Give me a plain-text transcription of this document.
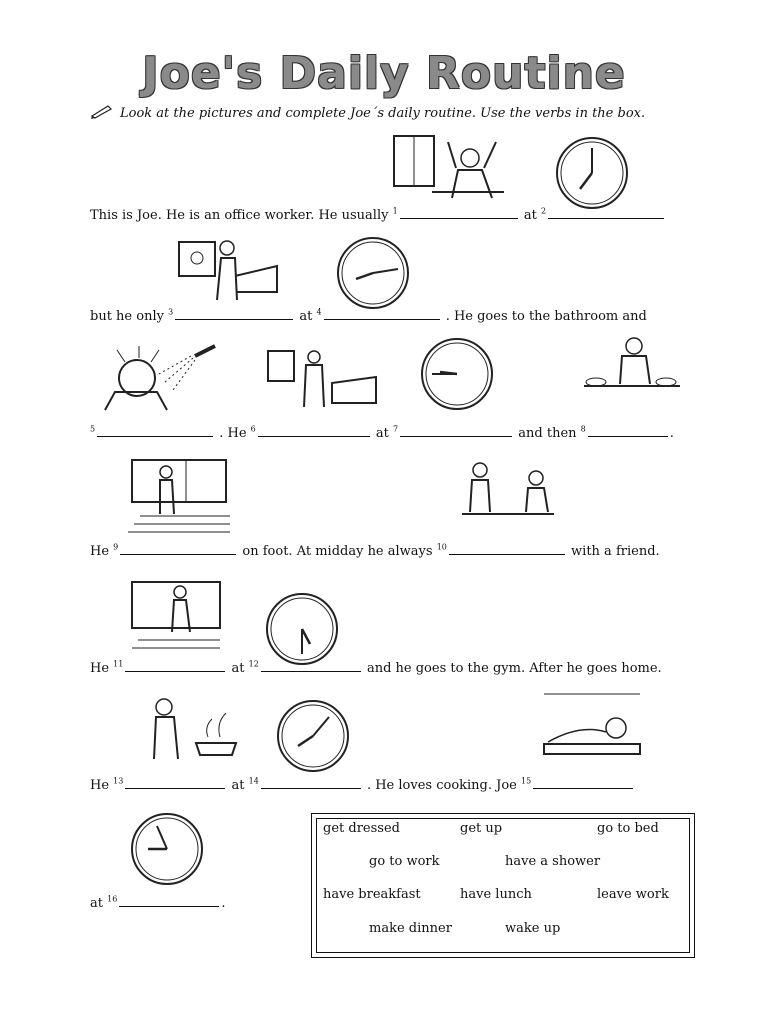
Joe's Daily Routine
Look at the pictures and complete Joe´s daily routine. Use the verbs in the box.
This is Joe. He is an office worker. He usually $^1$	at $^2$
but he only $^3$	at $^4$	. He goes to the bathroom and
$^5$	. He $^6$	at $^7$	and then $^8$	.
He $^9$	on foot. At midday he always $^{10}$	with a friend.
He $^{11}$	at $^{12}$	and he goes to the gym. After he goes home.
He $^{13}$	at $^{14}$	. He loves cooking. Joe $^{15}$
at $^{16}$	.
get dressed	get up	go to bed
go to work	have a shower
have breakfast	have lunch	leave work
make dinner	wake up
